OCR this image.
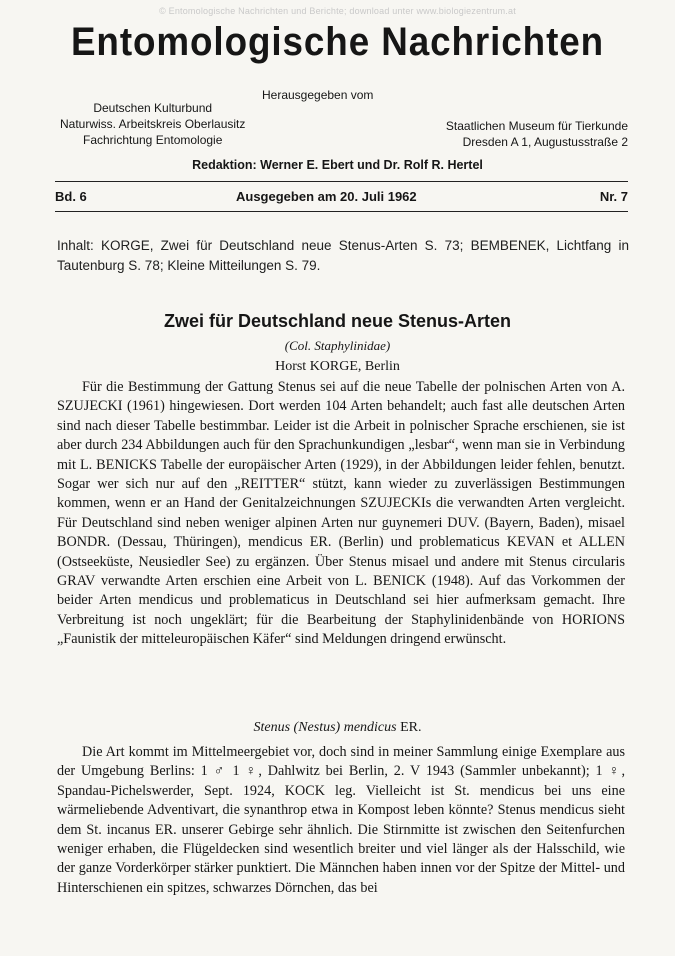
© Entomologische Nachrichten und Berichte; download unter www.biologiezentrum.at
Entomologische Nachrichten
Herausgegeben vom
Deutschen Kulturbund
Naturwiss. Arbeitskreis Oberlausitz
Fachrichtung Entomologie
Staatlichen Museum für Tierkunde
Dresden A 1, Augustusstraße 2
Redaktion: Werner E. Ebert und Dr. Rolf R. Hertel
Bd. 6	Ausgegeben am 20. Juli 1962	Nr. 7
Inhalt: KORGE, Zwei für Deutschland neue Stenus-Arten S. 73; BEMBENEK, Lichtfang in Tautenburg S. 78; Kleine Mitteilungen S. 79.
Zwei für Deutschland neue Stenus-Arten
(Col. Staphylinidae)
Horst KORGE, Berlin
Für die Bestimmung der Gattung Stenus sei auf die neue Tabelle der polnischen Arten von A. SZUJECKI (1961) hingewiesen. Dort werden 104 Arten behandelt; auch fast alle deutschen Arten sind nach dieser Tabelle bestimmbar. Leider ist die Arbeit in polnischer Sprache erschienen, sie ist aber durch 234 Abbildungen auch für den Sprachunkundigen „lesbar“, wenn man sie in Verbindung mit L. BENICKS Tabelle der europäischer Arten (1929), in der Abbildungen leider fehlen, benutzt. Sogar wer sich nur auf den „REITTER“ stützt, kann wieder zu zuverlässigen Bestimmungen kommen, wenn er an Hand der Genitalzeichnungen SZUJECKIs die verwandten Arten vergleicht. Für Deutschland sind neben weniger alpinen Arten nur guynemeri DUV. (Bayern, Baden), misael BONDR. (Dessau, Thüringen), mendicus ER. (Berlin) und problematicus KEVAN et ALLEN (Ostseeküste, Neusiedler See) zu ergänzen. Über Stenus misael und andere mit Stenus circularis GRAV verwandte Arten erschien eine Arbeit von L. BENICK (1948). Auf das Vorkommen der beider Arten mendicus und problematicus in Deutschland sei hier aufmerksam gemacht. Ihre Verbreitung ist noch ungeklärt; für die Bearbeitung der Staphylinidenbände von HORIONS „Faunistik der mitteleuropäischen Käfer“ sind Meldungen dringend erwünscht.
Stenus (Nestus) mendicus ER.
Die Art kommt im Mittelmeergebiet vor, doch sind in meiner Sammlung einige Exemplare aus der Umgebung Berlins: 1 ♂ 1 ♀, Dahlwitz bei Berlin, 2. V 1943 (Sammler unbekannt); 1 ♀, Spandau-Pichelswerder, Sept. 1924, KOCK leg. Vielleicht ist St. mendicus bei uns eine wärmeliebende Adventivart, die synanthrop etwa in Kompost leben könnte? Stenus mendicus sieht dem St. incanus ER. unserer Gebirge sehr ähnlich. Die Stirnmitte ist zwischen den Seitenfurchen weniger erhaben, die Flügeldecken sind wesentlich breiter und viel länger als der Halsschild, wie der ganze Vorderkörper stärker punktiert. Die Männchen haben innen vor der Spitze der Mittel- und Hinterschienen ein spitzes, schwarzes Dörnchen, das bei
